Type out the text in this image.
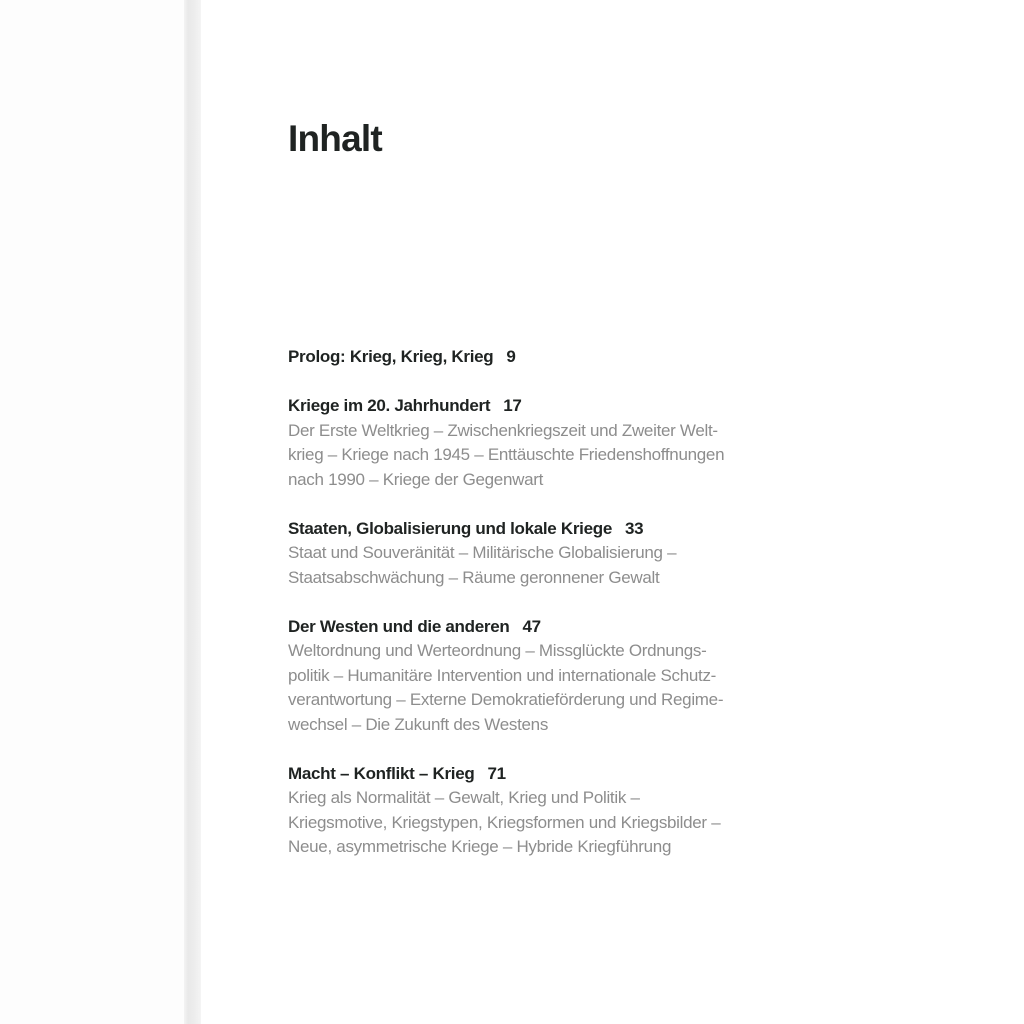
Inhalt
Prolog: Krieg, Krieg, Krieg 9
Kriege im 20. Jahrhundert 17
Der Erste Weltkrieg – Zwischenkriegszeit und Zweiter Welt-
krieg – Kriege nach 1945 – Enttäuschte Friedenshoffnungen
nach 1990 – Kriege der Gegenwart
Staaten, Globalisierung und lokale Kriege 33
Staat und Souveränität – Militärische Globalisierung –
Staatsabschwächung – Räume geronnener Gewalt
Der Westen und die anderen 47
Weltordnung und Werteordnung – Missglückte Ordnungs-
politik – Humanitäre Intervention und internationale Schutz-
verantwortung – Externe Demokratieförderung und Regime-
wechsel – Die Zukunft des Westens
Macht – Konflikt – Krieg 71
Krieg als Normalität – Gewalt, Krieg und Politik –
Kriegsmotive, Kriegstypen, Kriegsformen und Kriegsbilder –
Neue, asymmetrische Kriege – Hybride Kriegführung
